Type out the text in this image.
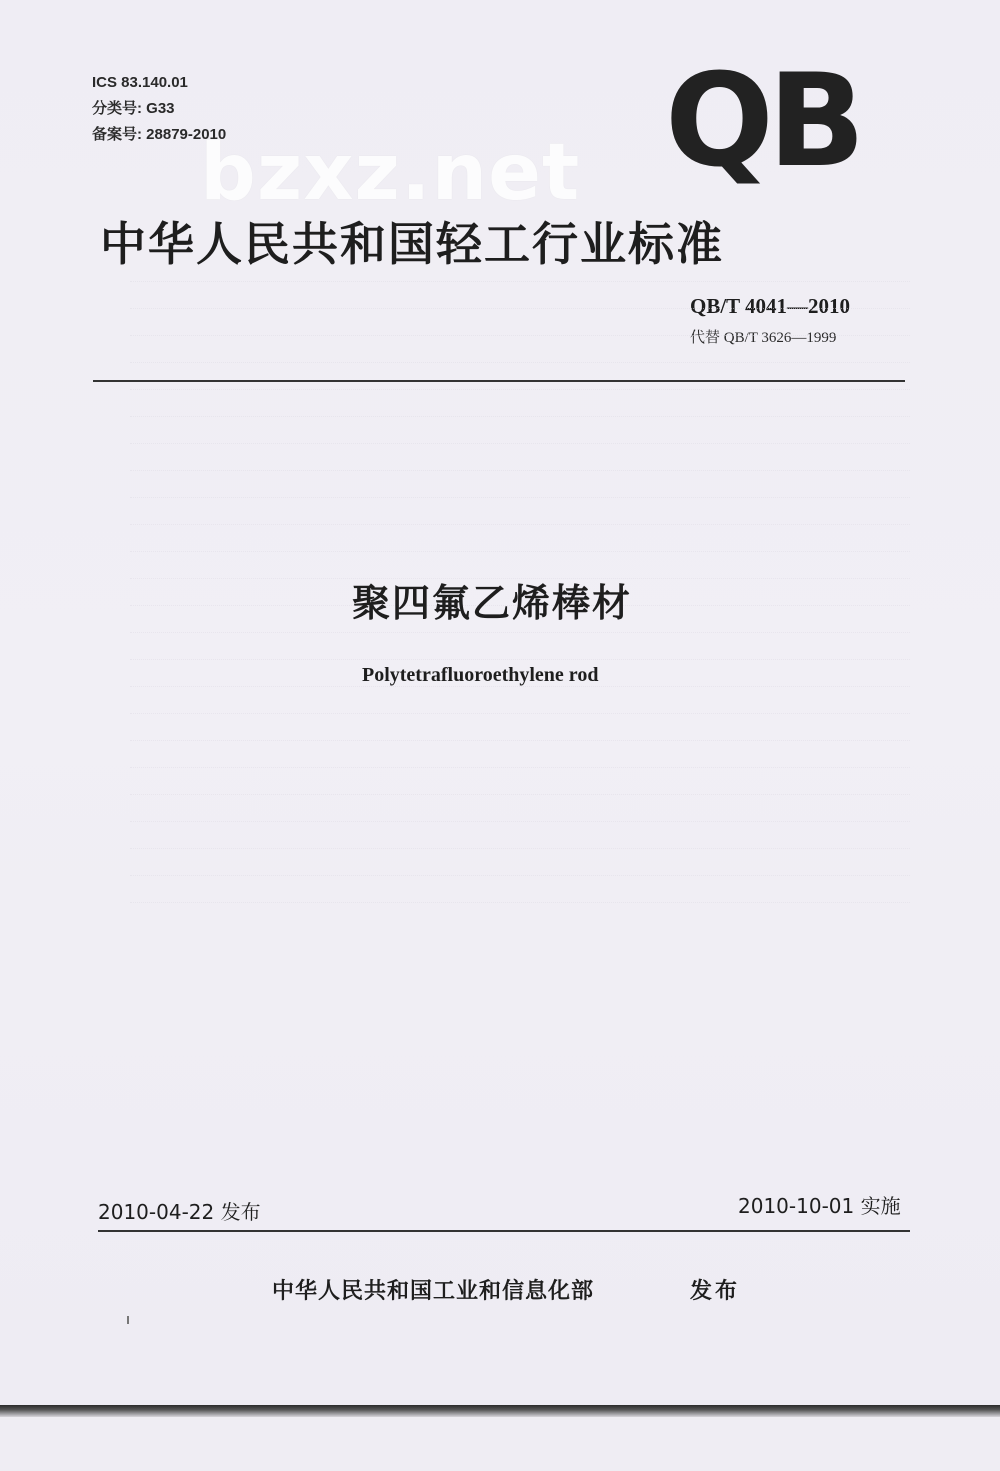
ICS 83.140.01
分类号: G33
备案号: 28879-2010	QB
bzxz.net
中华人民共和国轻工行业标准
QB/T 4041—2010
代替 QB/T 3626—1999
聚四氟乙烯棒材
Polytetrafluoroethylene rod
2010-04-22 发布	2010-10-01 实施
中华人民共和国工业和信息化部	发布
